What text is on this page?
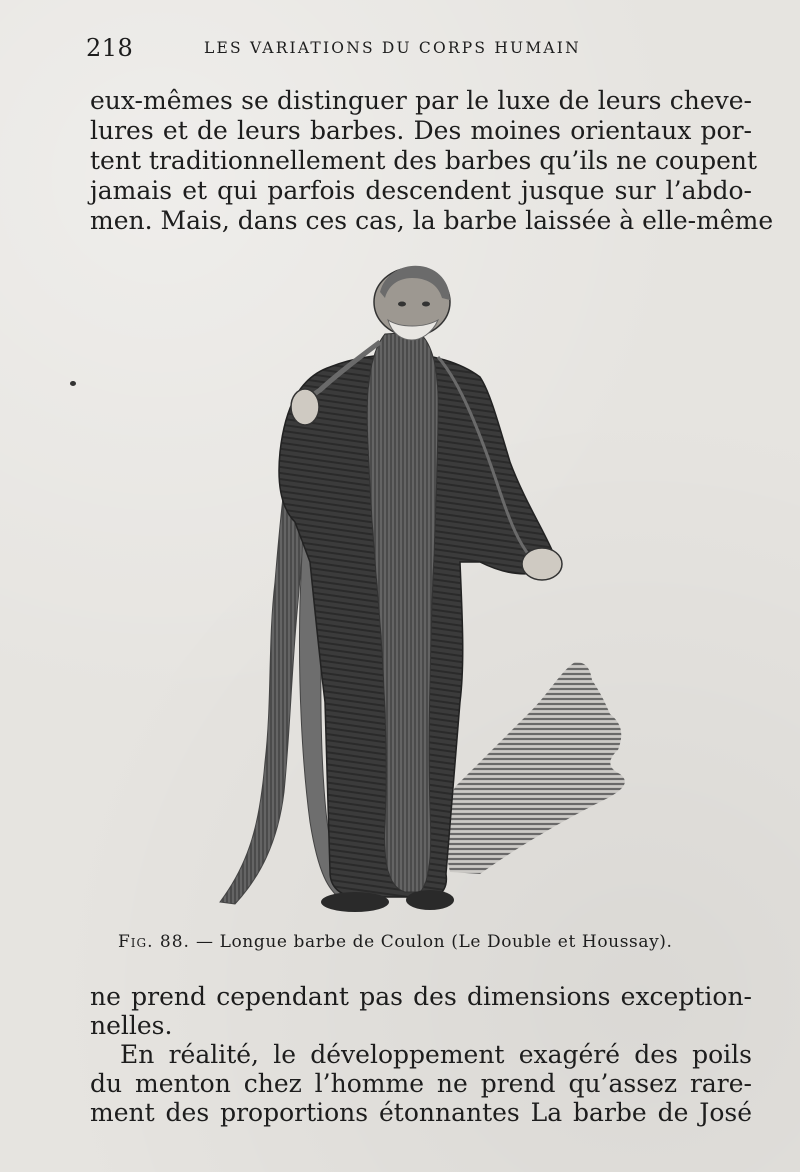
218	LES VARIATIONS DU CORPS HUMAIN
eux-mêmes se distinguer par le luxe de leurs cheve-
lures et de leurs barbes. Des moines orientaux por-
tent traditionnellement des barbes qu’ils ne coupent
jamais et qui parfois descendent jusque sur l’abdo-
men. Mais, dans ces cas, la barbe laissée à elle-même
Fig. 88. — Longue barbe de Coulon (Le Double et Houssay).
ne prend cependant pas des dimensions exception-
nelles.
En réalité, le développement exagéré des poils
du menton chez l’homme ne prend qu’assez rare-
ment des proportions étonnantes La barbe de José
